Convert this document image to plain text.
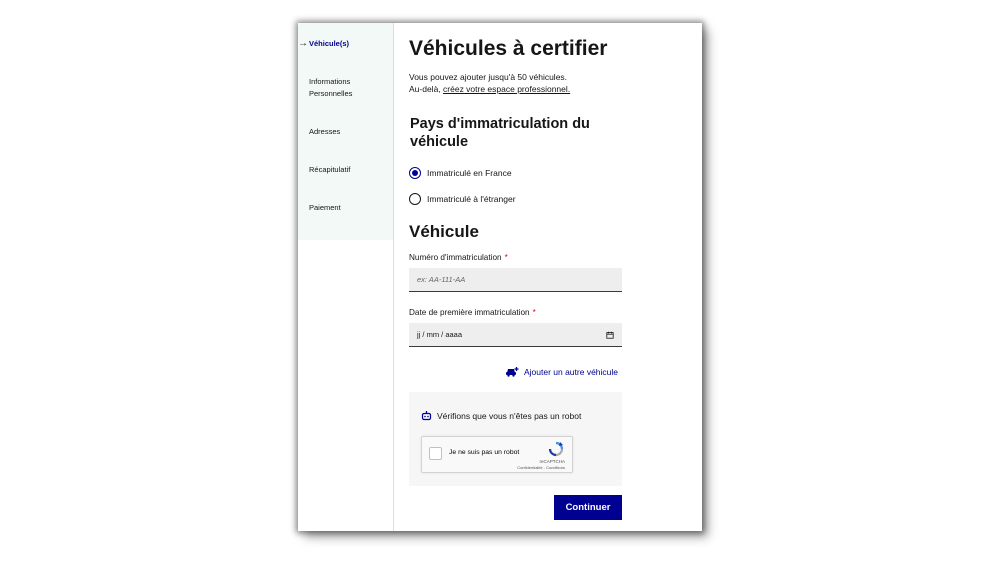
→Véhicule(s)
Informations Personnelles
Adresses
Récapitulatif
Paiement
Véhicules à certifier
Vous pouvez ajouter jusqu'à 50 véhicules.
Au-delà, créez votre espace professionnel.
Pays d'immatriculation du véhicule
Immatriculé en France
Immatriculé à l'étranger
Véhicule
Numéro d'immatriculation *
ex: AA-111-AA
Date de première immatriculation *
jj / mm / aaaa
Ajouter un autre véhicule
Vérifions que vous n'êtes pas un robot
Je ne suis pas un robot
reCAPTCHA
Confidentialité - Conditions
Continuer
